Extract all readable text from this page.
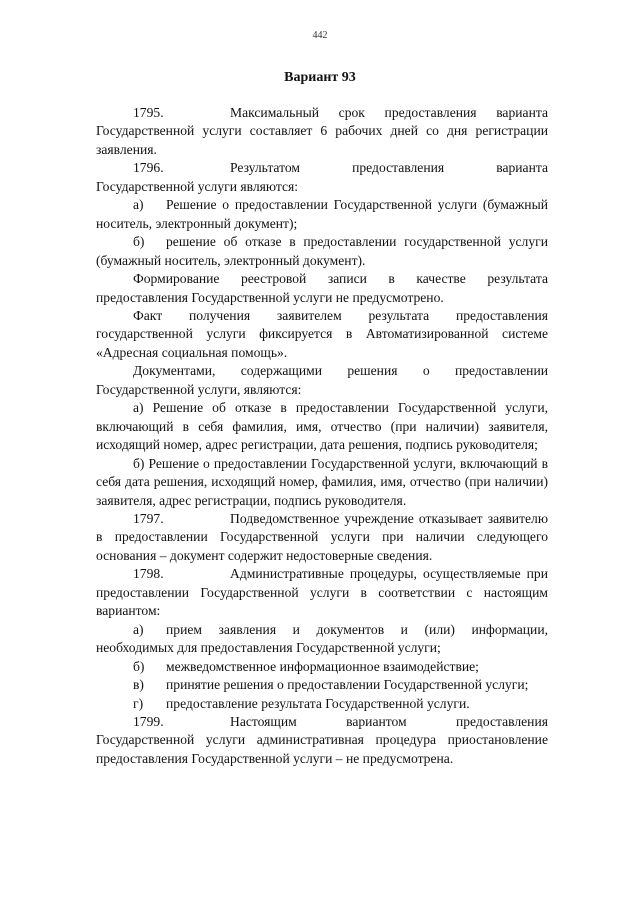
442
Вариант 93

1795.	Максимальный срок предоставления варианта Государственной услуги составляет 6 рабочих дней со дня регистрации заявления.

1796.	Результатом предоставления варианта Государственной услуги являются:

а) Решение о предоставлении Государственной услуги (бумажный носитель, электронный документ);

б) решение об отказе в предоставлении государственной услуги (бумажный носитель, электронный документ).

Формирование реестровой записи в качестве результата предоставления Государственной услуги не предусмотрено.

Факт получения заявителем результата предоставления государственной услуги фиксируется в Автоматизированной системе «Адресная социальная помощь».

Документами, содержащими решения о предоставлении Государственной услуги, являются:

а) Решение об отказе в предоставлении Государственной услуги, включающий в себя фамилия, имя, отчество (при наличии) заявителя, исходящий номер, адрес регистрации, дата решения, подпись руководителя;

б) Решение о предоставлении Государственной услуги, включающий в себя дата решения, исходящий номер, фамилия, имя, отчество (при наличии) заявителя, адрес регистрации, подпись руководителя.

1797.	Подведомственное учреждение отказывает заявителю в предоставлении Государственной услуги при наличии следующего основания – документ содержит недостоверные сведения.

1798.	Административные процедуры, осуществляемые при предоставлении Государственной услуги в соответствии с настоящим вариантом:

а) прием заявления и документов и (или) информации, необходимых для предоставления Государственной услуги;

б) межведомственное информационное взаимодействие;

в) принятие решения о предоставлении Государственной услуги;

г) предоставление результата Государственной услуги.

1799.	Настоящим вариантом предоставления Государственной услуги административная процедура приостановление предоставления Государственной услуги – не предусмотрена.
